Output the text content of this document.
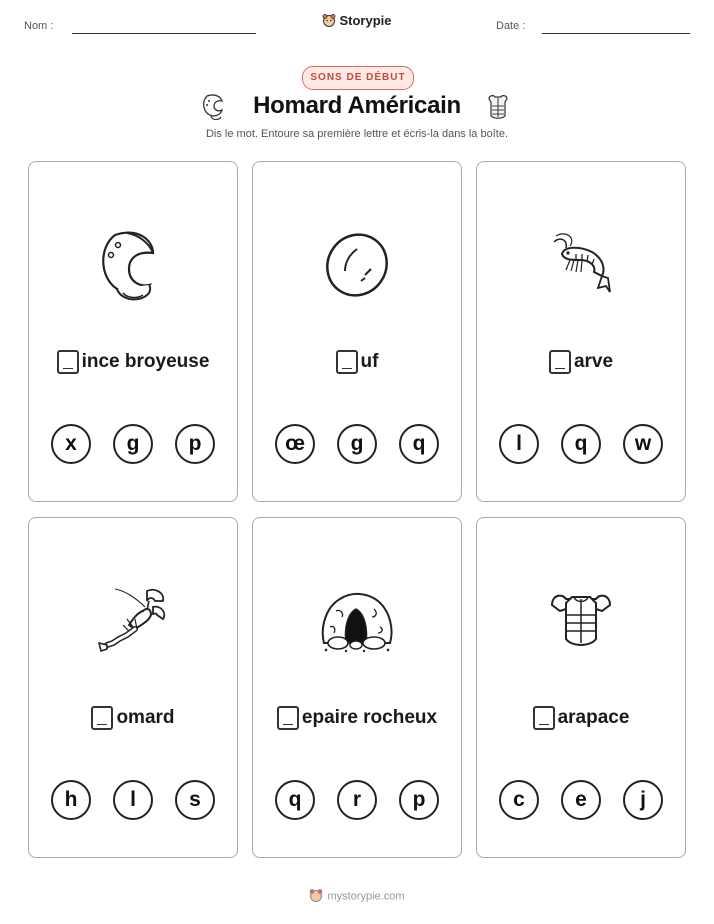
Nom :	Storypie	Date :
SONS DE DÉBUT
Homard Américain
Dis le mot. Entoure sa première lettre et écris-la dans la boîte.
ince broyeuse
x	g	p
uf
œ	g	q
arve
l	q	w
omard
h	l	s
epaire rocheux
q	r	p
arapace
c	e	j
mystorypie.com
